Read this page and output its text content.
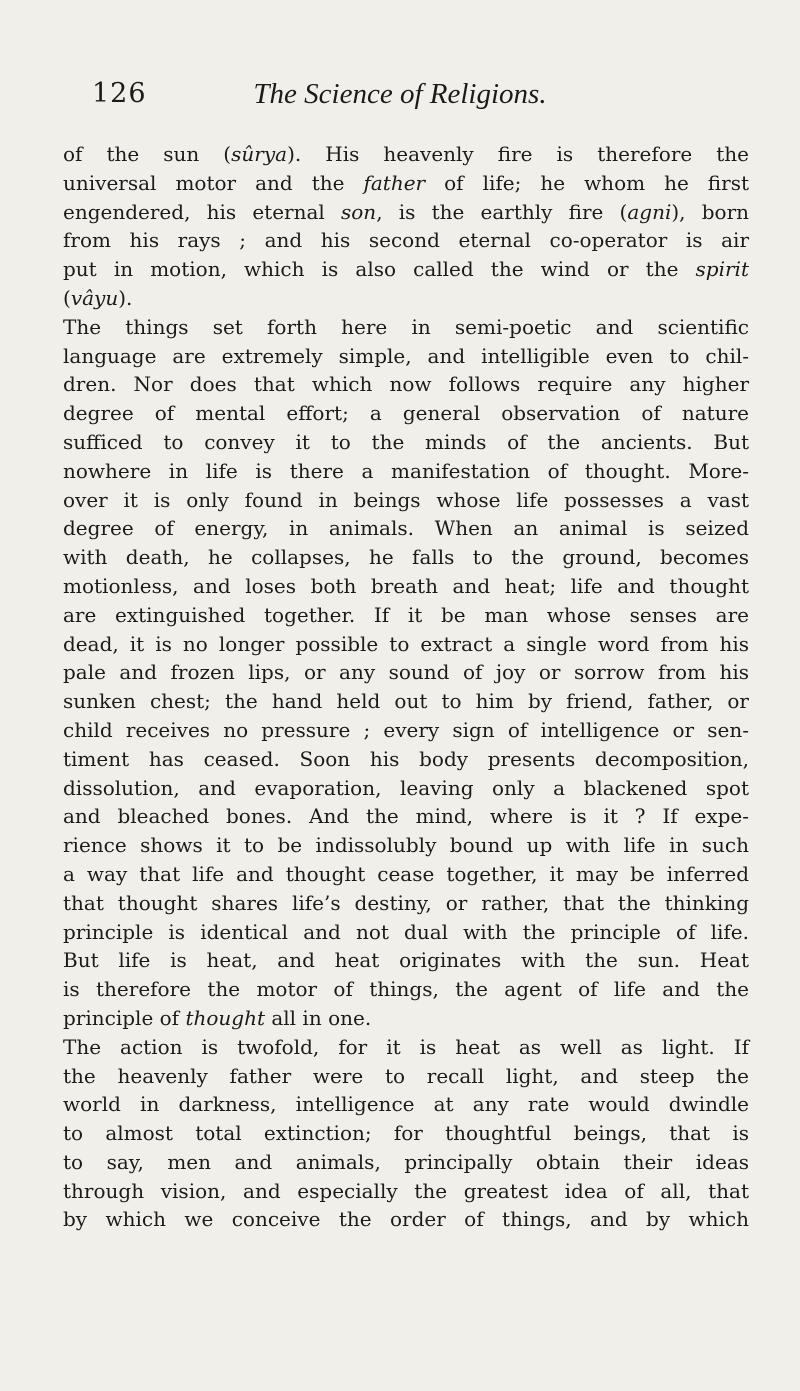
126	The Science of Religions.
of the sun (sûrya). His heavenly fire is therefore the
universal motor and the father of life; he whom he first
engendered, his eternal son, is the earthly fire (agni), born
from his rays ; and his second eternal co-operator is air
put in motion, which is also called the wind or the spirit
(vâyu).
The things set forth here in semi-poetic and scientific
language are extremely simple, and intelligible even to chil-
dren. Nor does that which now follows require any higher
degree of mental effort; a general observation of nature
sufficed to convey it to the minds of the ancients. But
nowhere in life is there a manifestation of thought. More-
over it is only found in beings whose life possesses a vast
degree of energy, in animals. When an animal is seized
with death, he collapses, he falls to the ground, becomes
motionless, and loses both breath and heat; life and thought
are extinguished together. If it be man whose senses are
dead, it is no longer possible to extract a single word from his
pale and frozen lips, or any sound of joy or sorrow from his
sunken chest; the hand held out to him by friend, father, or
child receives no pressure ; every sign of intelligence or sen-
timent has ceased. Soon his body presents decomposition,
dissolution, and evaporation, leaving only a blackened spot
and bleached bones. And the mind, where is it ? If expe-
rience shows it to be indissolubly bound up with life in such
a way that life and thought cease together, it may be inferred
that thought shares life’s destiny, or rather, that the thinking
principle is identical and not dual with the principle of life.
But life is heat, and heat originates with the sun. Heat
is therefore the motor of things, the agent of life and the
principle of thought all in one.
The action is twofold, for it is heat as well as light. If
the heavenly father were to recall light, and steep the
world in darkness, intelligence at any rate would dwindle
to almost total extinction; for thoughtful beings, that is
to say, men and animals, principally obtain their ideas
through vision, and especially the greatest idea of all, that
by which we conceive the order of things, and by which
